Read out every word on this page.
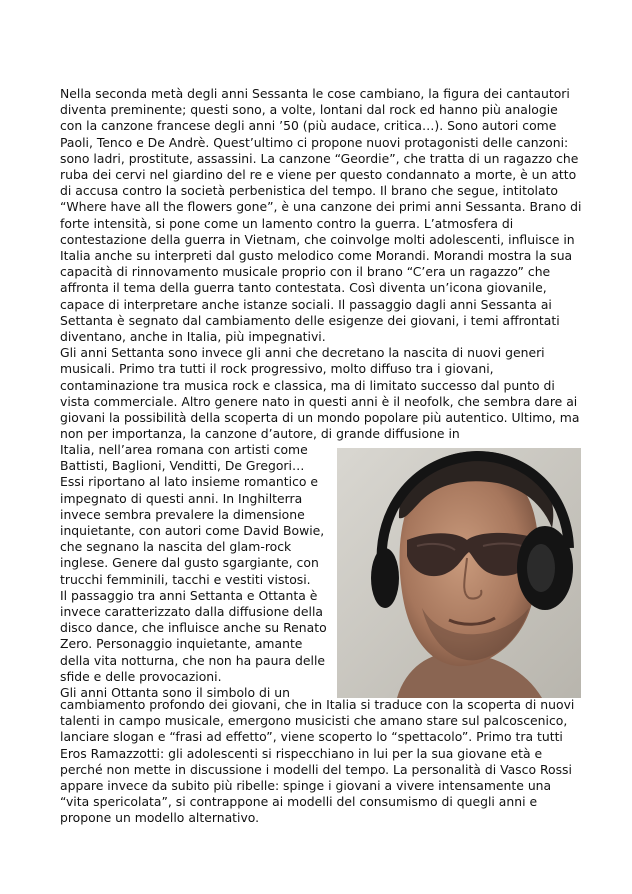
Nella seconda metà degli anni Sessanta le cose cambiano, la figura dei cantautori diventa preminente; questi sono, a volte, lontani dal rock ed hanno più analogie con la canzone francese degli anni ’50 (più audace, critica…). Sono autori come Paoli, Tenco e De Andrè. Quest’ultimo ci propone nuovi protagonisti delle canzoni: sono ladri, prostitute, assassini. La canzone “Geordie”, che tratta di un ragazzo che ruba dei cervi nel giardino del re e viene per questo condannato a morte, è un atto di accusa contro la società perbenistica del tempo. Il brano che segue, intitolato “Where have all the flowers gone”, è una canzone dei primi anni Sessanta. Brano di forte intensità, si pone come un lamento contro la guerra. L’atmosfera di contestazione della guerra in Vietnam, che coinvolge molti adolescenti, influisce in Italia anche su interpreti dal gusto melodico come Morandi. Morandi mostra la sua capacità di rinnovamento musicale proprio con il brano “C’era un ragazzo” che affronta il tema della guerra tanto contestata. Così diventa un’icona giovanile, capace di interpretare anche istanze sociali. Il passaggio dagli anni Sessanta ai Settanta è segnato dal cambiamento delle esigenze dei giovani, i temi affrontati diventano, anche in Italia, più impegnativi.

Gli anni Settanta sono invece gli anni che decretano la nascita di nuovi generi musicali. Primo tra tutti il rock progressivo, molto diffuso tra i giovani, contaminazione tra musica rock e classica, ma di limitato successo dal punto di vista commerciale. Altro genere nato in questi anni è il neofolk, che sembra dare ai giovani la possibilità della scoperta di un mondo popolare più autentico. Ultimo, ma non per importanza, la canzone d’autore, di grande diffusione in

Italia, nell’area romana con artisti come Battisti, Baglioni, Venditti, De Gregori… Essi riportano al lato insieme romantico e impegnato di questi anni. In Inghilterra invece sembra prevalere la dimensione inquietante, con autori come David Bowie, che segnano la nascita del glam-rock inglese. Genere dal gusto sgargiante, con trucchi femminili, tacchi e vestiti vistosi.

Il passaggio tra anni Settanta e Ottanta è invece caratterizzato dalla diffusione della disco dance, che influisce anche su Renato Zero. Personaggio inquietante, amante della vita notturna, che non ha paura delle sfide e delle provocazioni.

Gli anni Ottanta sono il simbolo di un

cambiamento profondo dei giovani, che in Italia si traduce con la scoperta di nuovi talenti in campo musicale, emergono musicisti che amano stare sul palcoscenico, lanciare slogan e “frasi ad effetto”, viene scoperto lo “spettacolo”. Primo tra tutti Eros Ramazzotti: gli adolescenti si rispecchiano in lui per la sua giovane età e perché non mette in discussione i modelli del tempo. La personalità di Vasco Rossi appare invece da subito più ribelle: spinge i giovani a vivere intensamente una “vita spericolata”, si contrappone ai modelli del consumismo di quegli anni e propone un modello alternativo.
